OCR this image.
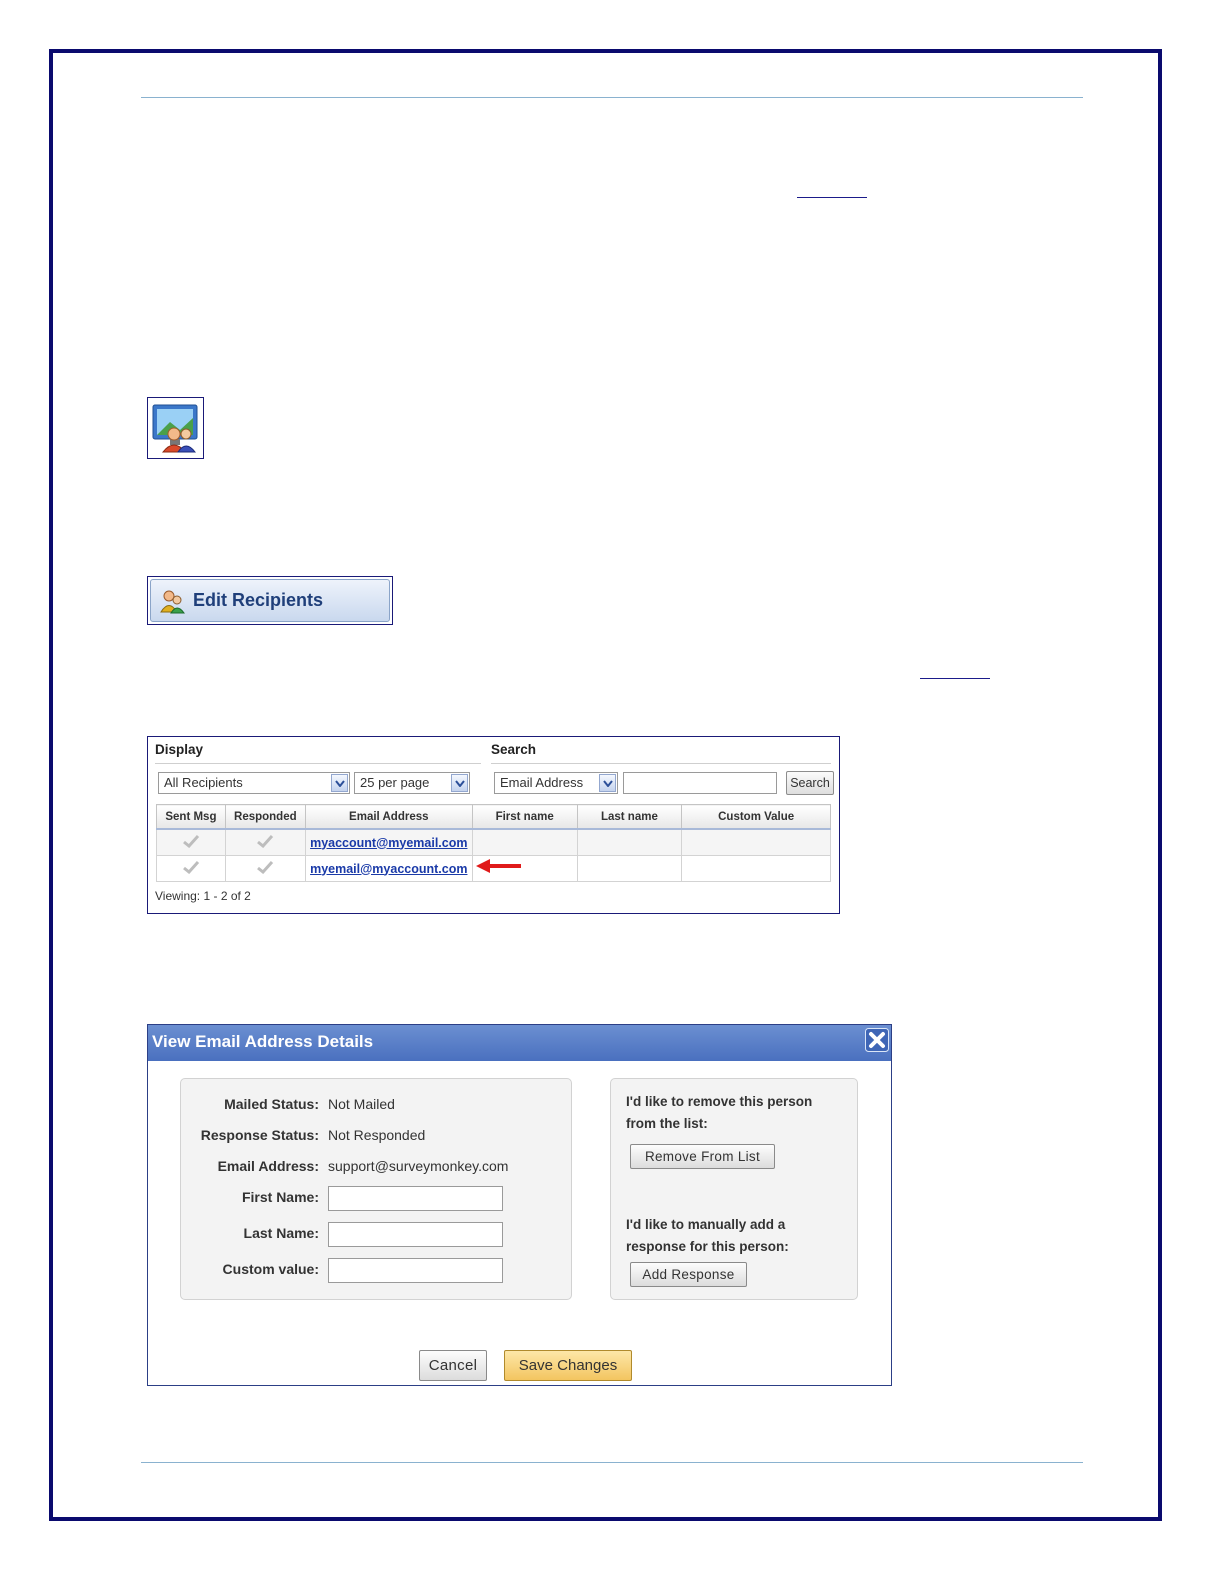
Edit Recipients
Display	Search
All Recipients	25 per page	Email Address	Search
Sent Msg	Responded	Email Address	First name	Last name	Custom Value
		myaccount@myemail.com			
		myemail@myaccount.com			
Viewing: 1 - 2 of 2
View Email Address Details
Mailed Status: Not Mailed
Response Status: Not Responded
Email Address: support@surveymonkey.com
First Name:
Last Name:
Custom value:
I'd like to remove this person
from the list:
Remove From List
I'd like to manually add a
response for this person:
Add Response
Cancel	Save Changes
